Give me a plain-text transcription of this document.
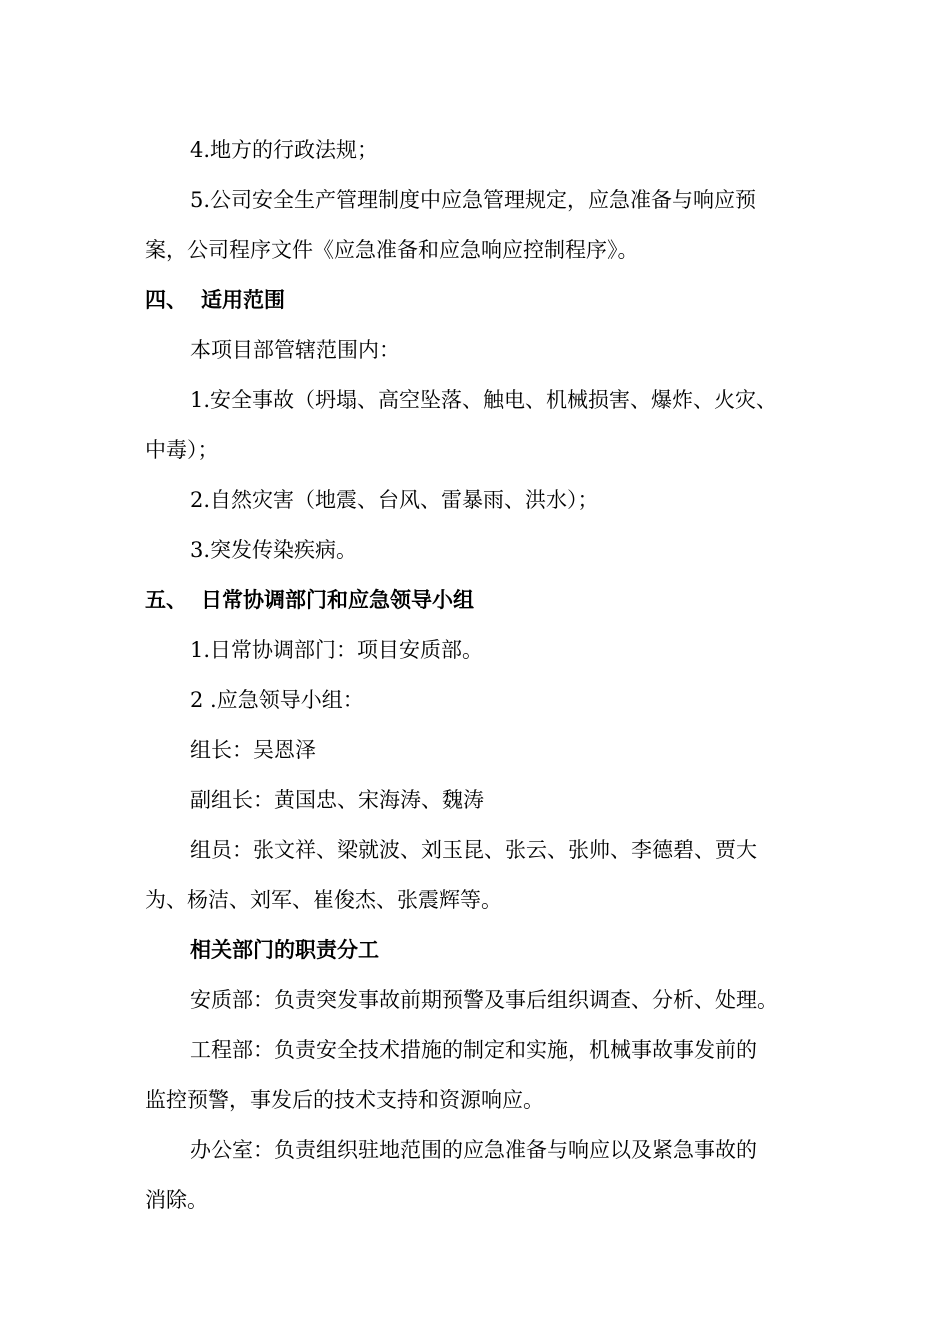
4.地方的行政法规；
5.公司安全生产管理制度中应急管理规定，应急准备与响应预
案，公司程序文件《应急准备和应急响应控制程序》。
四、 适用范围
本项目部管辖范围内：
1.安全事故（坍塌、高空坠落、触电、机械损害、爆炸、火灾、
中毒）；
2.自然灾害（地震、台风、雷暴雨、洪水）；
3.突发传染疾病。
五、 日常协调部门和应急领导小组
1.日常协调部门：项目安质部。
2 .应急领导小组：
组长：吴恩泽
副组长：黄国忠、宋海涛、魏涛
组员：张文祥、梁就波、刘玉昆、张云、张帅、李德碧、贾大
为、杨洁、刘军、崔俊杰、张震辉等。
相关部门的职责分工
安质部：负责突发事故前期预警及事后组织调查、分析、处理。
工程部：负责安全技术措施的制定和实施，机械事故事发前的
监控预警，事发后的技术支持和资源响应。
办公室：负责组织驻地范围的应急准备与响应以及紧急事故的
消除。
